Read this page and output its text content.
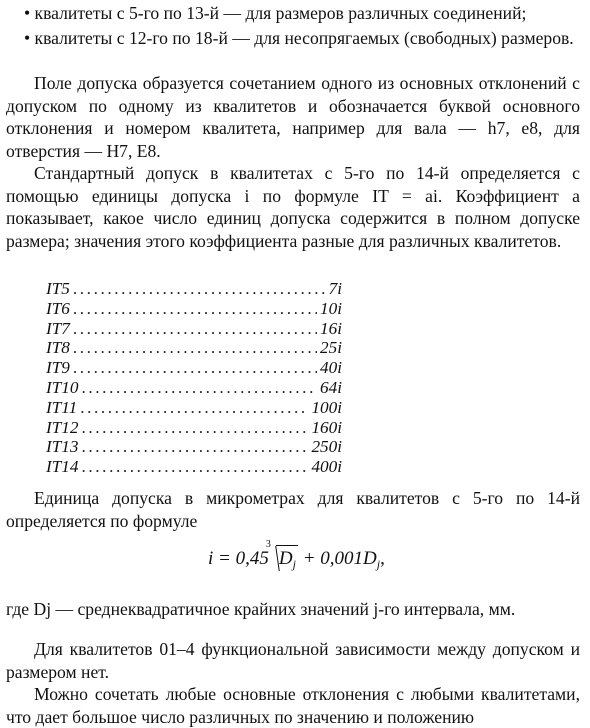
• квалитеты с 5-го по 13-й — для размеров различных соединений;
• квалитеты с 12-го по 18-й — для несопрягаемых (свободных) размеров.
Поле допуска образуется сочетанием одного из основных отклонений с допуском по одному из квалитетов и обозначается буквой основного отклонения и номером квалитета, например для вала — h7, e8, для отверстия — H7, E8.
Стандартный допуск в квалитетах с 5-го по 14-й определяется с помощью единицы допуска i по формуле IT = ai. Коэффициент a показывает, какое число единиц допуска содержится в полном допуске размера; значения этого коэффициента разные для различных квалитетов.
IT5 .....	7i
IT6 .....	10i
IT7 .....	16i
IT8 .....	25i
IT9 .....	40i
IT10 .....	64i
IT11 .....	100i
IT12 .....	160i
IT13 .....	250i
IT14 .....	400i
Единица допуска в микрометрах для квалитетов с 5-го по 14-й определяется по формуле
i = 0,45 3 $D_j + 0,001D_j$,
где Dj — среднеквадратичное крайних значений j-го интервала, мм.
Для квалитетов 01–4 функциональной зависимости между допуском и размером нет.
Можно сочетать любые основные отклонения с любыми квалитетами, что дает большое число различных по значению и положению
